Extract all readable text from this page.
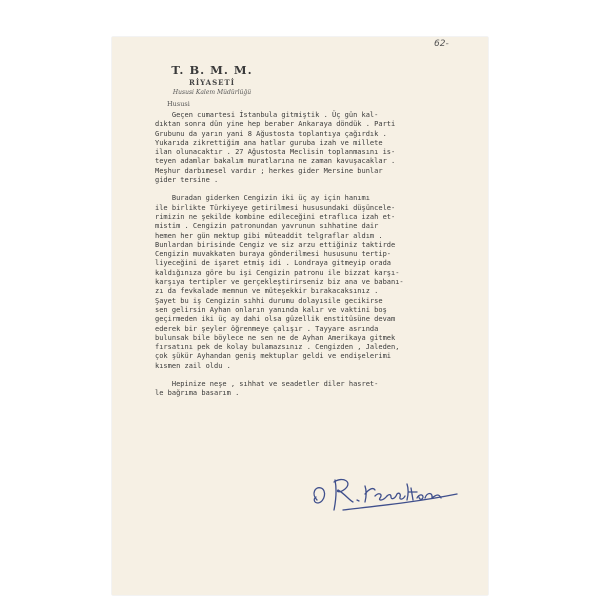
62-
T. B. M. M.
RİYASETİ
Hususi Kalem Müdürlüğü
Hususi
Geçen cumartesi İstanbula gitmiştik . Üç gün kal-
dıktan sonra dün yine hep beraber Ankaraya döndük . Parti
Grubunu da yarın yani 8 Ağustosta toplantıya çağırdık .
Yukarıda zikrettiğim ana hatlar guruba izah ve millete
ilan olunacaktır . 27 Ağustosta Meclisin toplanmasını is-
teyen adamlar bakalım muratlarına ne zaman kavuşacaklar .
Meşhur darbımesel vardır ; herkes gider Mersine bunlar
gider tersine .
Buradan giderken Cengizin iki üç ay için hanımı
ile birlikte Türkiyeye getirilmesi hususundaki düşüncele-
rimizin ne şekilde kombine edileceğini etraflıca izah et-
mistim . Cengizin patronundan yavrunun sıhhatine dair
hemen her gün mektup gibi müteaddit telgraflar aldım .
Bunlardan birisinde Cengiz ve siz arzu ettiğiniz taktirde
Cengizin muvakkaten buraya gönderilmesi hususunu tertip-
liyeceğini de işaret etmiş idi . Londraya gitmeyip orada
kaldığınıza göre bu işi Cengizin patronu ile bizzat karşı-
karşıya tertipler ve gerçekleştirirseniz biz ana ve babanı-
zı da fevkalade memnun ve müteşekkir bırakacaksınız .
Şayet bu iş Cengizin sıhhi durumu dolayısile gecikirse
sen gelirsin Ayhan onların yanında kalır ve vaktini boş
geçirmeden iki üç ay dahi olsa güzellik enstitüsüne devam
ederek bir şeyler öğrenmeye çalışır . Tayyare asrında
bulunsak bile böylece ne sen ne de Ayhan Amerikaya gitmek
fırsatını pek de kolay bulamazsınız . Cengizden , Jaleden,
çok şükür Ayhandan geniş mektuplar geldi ve endişelerimi
kısmen zail oldu .
Hepinize neşe , sıhhat ve seadetler diler hasret-
le bağrıma basarım .
